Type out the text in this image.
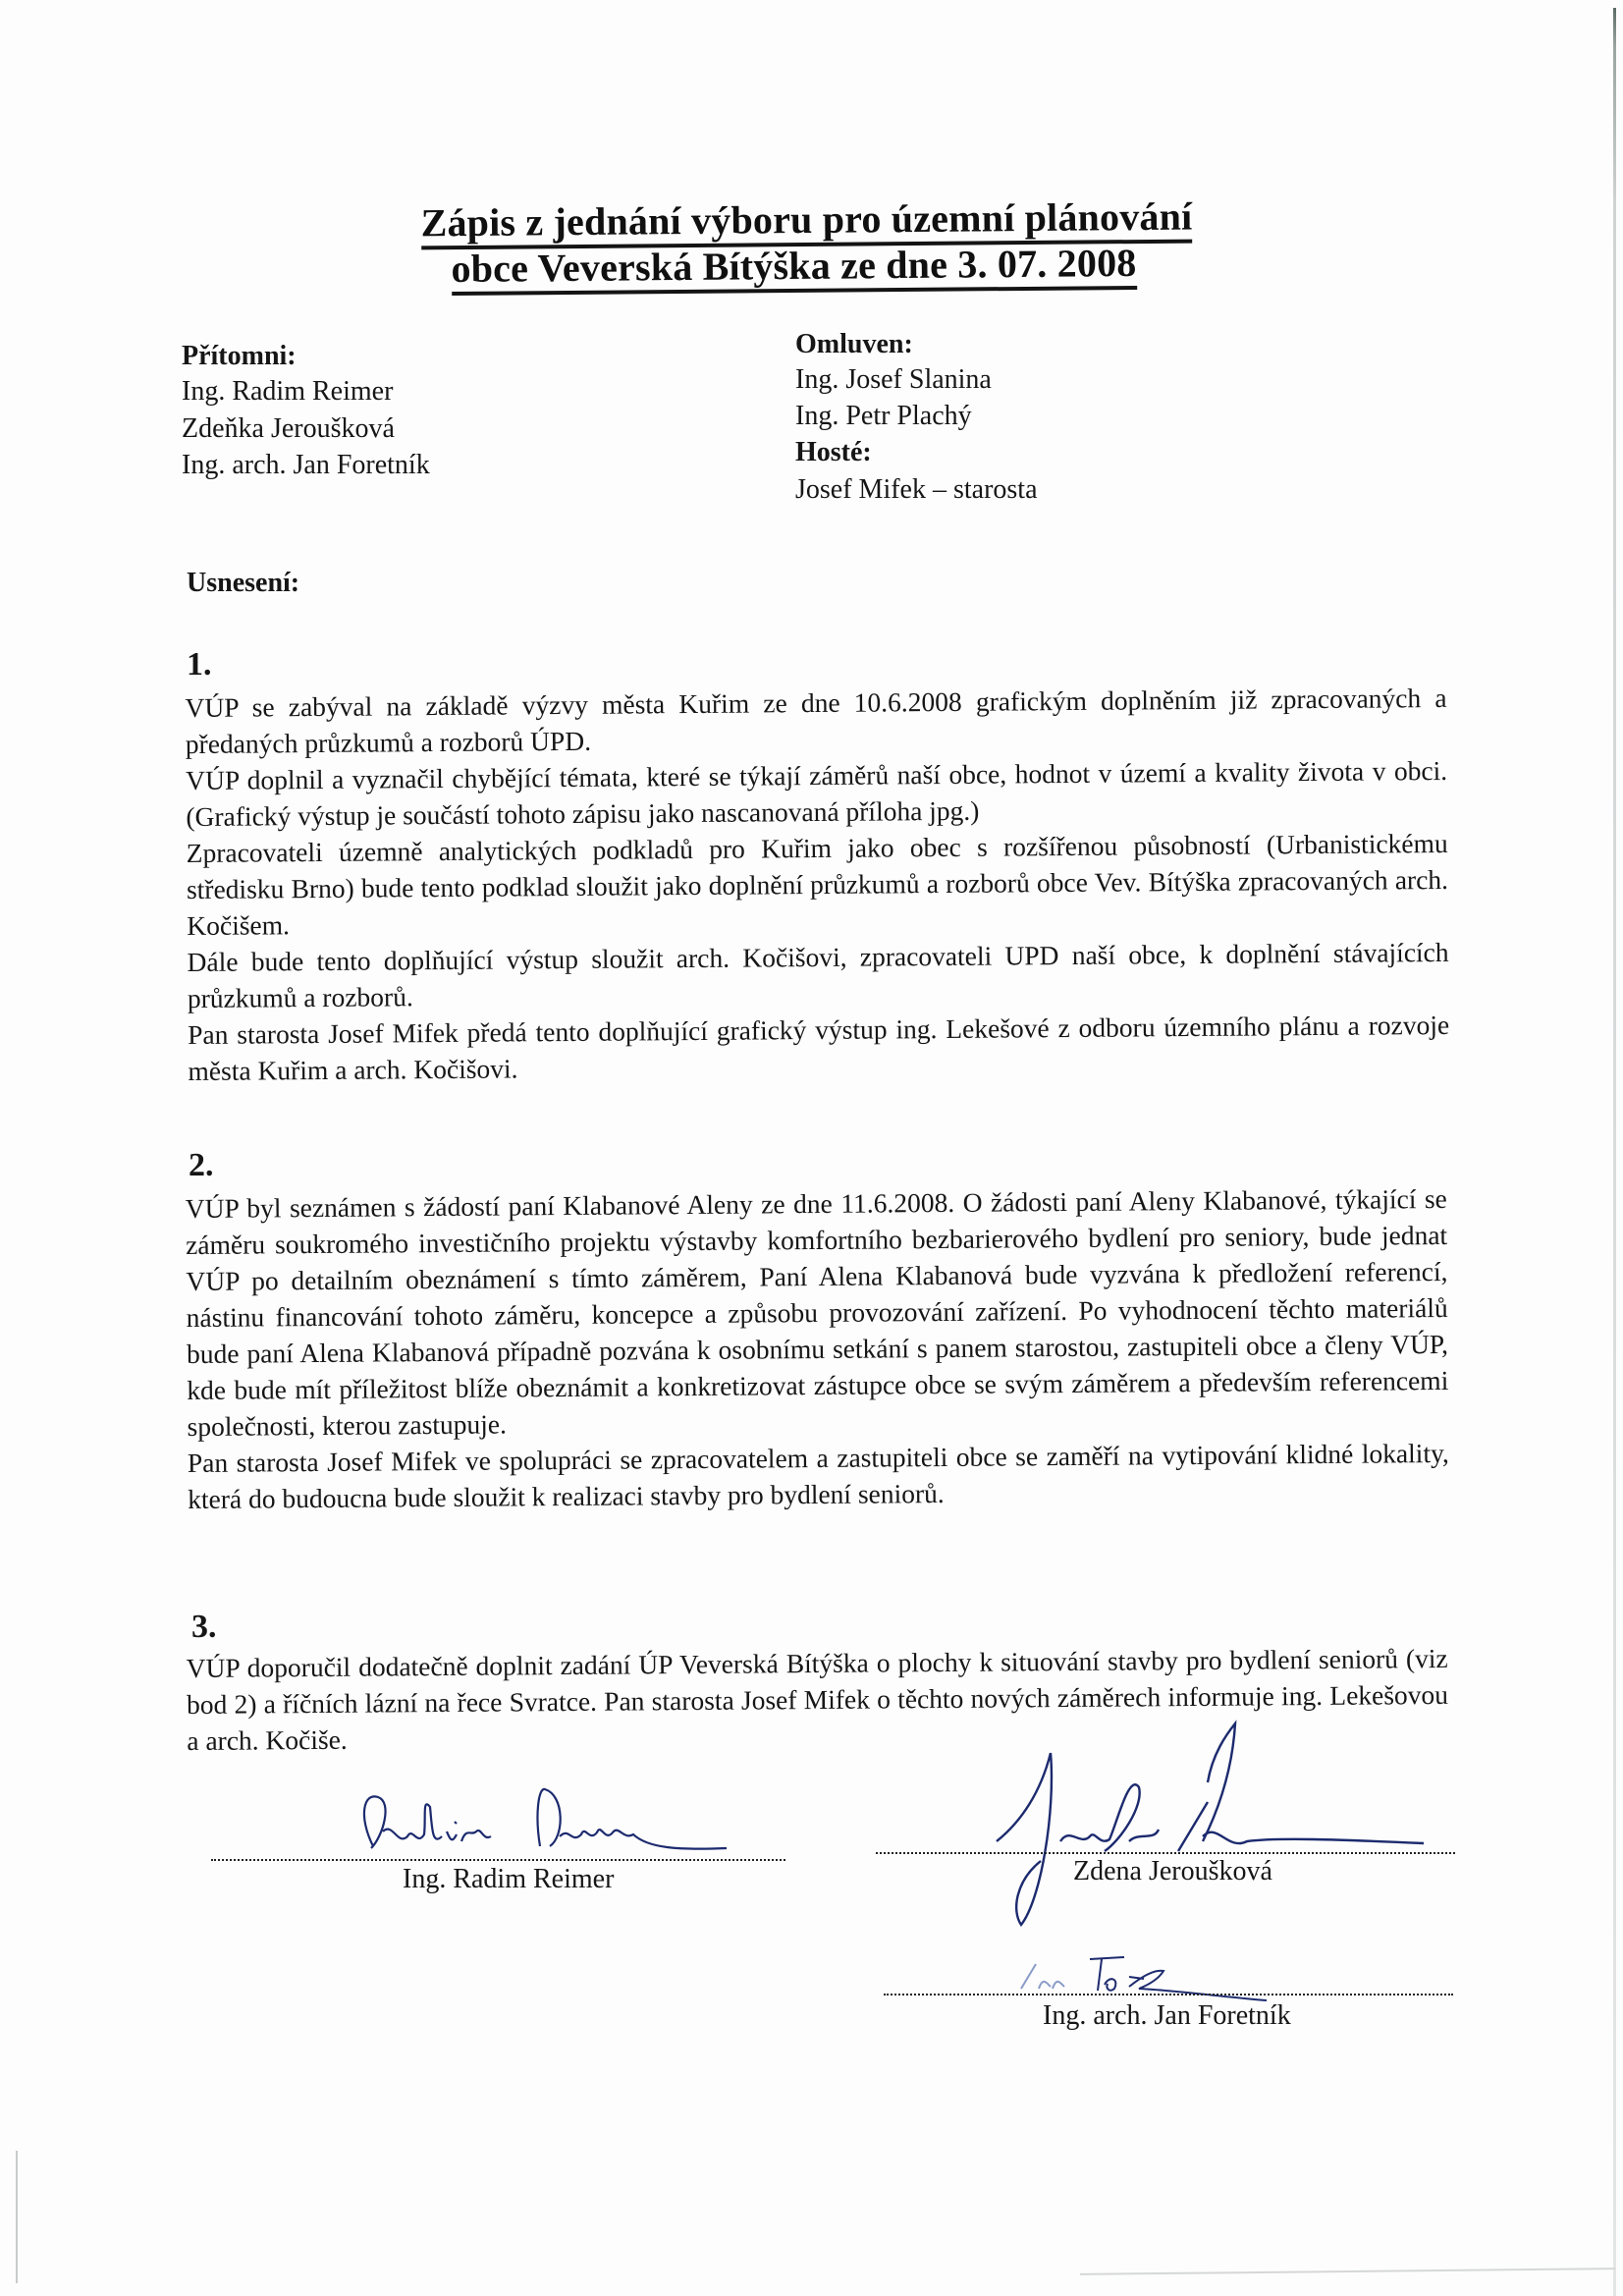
Zápis z jednání výboru pro územní plánování
obce Veverská Bítýška ze dne 3. 07. 2008
Přítomni:
Ing. Radim Reimer
Zdeňka Jeroušková
Ing. arch. Jan Foretník
Omluven:
Ing. Josef Slanina
Ing. Petr Plachý
Hosté:
Josef Mifek – starosta
Usnesení:
1.

VÚP se zabýval na základě výzvy města Kuřim ze dne 10.6.2008 grafickým doplněním již zpracovaných a předaných průzkumů a rozborů ÚPD.

VÚP doplnil a vyznačil chybějící témata, které se týkají záměrů naší obce, hodnot v území a kvality života v obci. (Grafický výstup je součástí tohoto zápisu jako nascanovaná příloha jpg.)

Zpracovateli územně analytických podkladů pro Kuřim jako obec s rozšířenou působností (Urbanistickému středisku Brno) bude tento podklad sloužit jako doplnění průzkumů a rozborů obce Vev. Bítýška zpracovaných arch. Kočišem.

Dále bude tento doplňující výstup sloužit arch. Kočišovi, zpracovateli UPD naší obce, k doplnění stávajících průzkumů a rozborů.

Pan starosta Josef Mifek předá tento doplňující grafický výstup ing. Lekešové z odboru územního plánu a rozvoje města Kuřim a arch. Kočišovi.

2.

VÚP byl seznámen s žádostí paní Klabanové Aleny ze dne 11.6.2008. O žádosti paní Aleny Klabanové, týkající se záměru soukromého investičního projektu výstavby komfortního bezbarierového bydlení pro seniory, bude jednat VÚP po detailním obeznámení s tímto záměrem, Paní Alena Klabanová bude vyzvána k předložení referencí, nástinu financování tohoto záměru, koncepce a způsobu provozování zařízení. Po vyhodnocení těchto materiálů bude paní Alena Klabanová případně pozvána k osobnímu setkání s panem starostou, zastupiteli obce a členy VÚP, kde bude mít příležitost blíže obeznámit a konkretizovat zástupce obce se svým záměrem a především referencemi společnosti, kterou zastupuje.

Pan starosta Josef Mifek ve spolupráci se zpracovatelem a zastupiteli obce se zaměří na vytipování klidné lokality, která do budoucna bude sloužit k realizaci stavby pro bydlení seniorů.

3.

VÚP doporučil dodatečně doplnit zadání ÚP Veverská Bítýška o plochy k situování stavby pro bydlení seniorů (viz bod 2) a říčních lázní na řece Svratce. Pan starosta Josef Mifek o těchto nových záměrech informuje ing. Lekešovou a arch. Kočiše.

Ing. Radim Reimer	Zdena Jeroušková
Ing. arch. Jan Foretník
